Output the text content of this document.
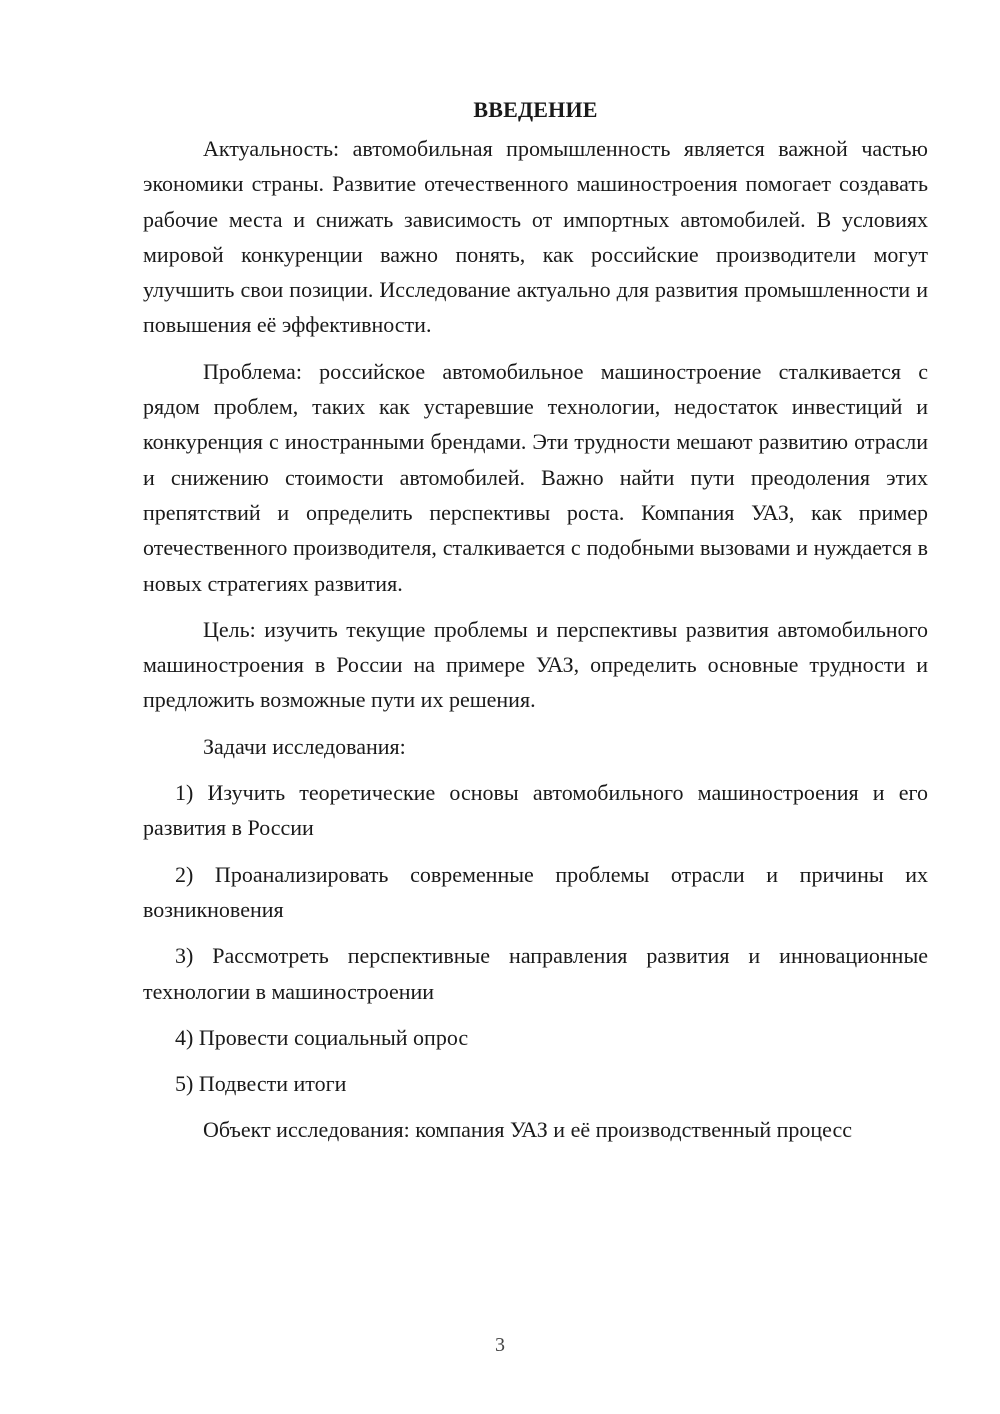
ВВЕДЕНИЕ

Актуальность: автомобильная промышленность является важной частью экономики страны. Развитие отечественного машиностроения помогает создавать рабочие места и снижать зависимость от импортных автомобилей. В условиях мировой конкуренции важно понять, как российские производители могут улучшить свои позиции. Исследование актуально для развития промышленности и повышения её эффективности.

Проблема: российское автомобильное машиностроение сталкивается с рядом проблем, таких как устаревшие технологии, недостаток инвестиций и конкуренция с иностранными брендами. Эти трудности мешают развитию отрасли и снижению стоимости автомобилей. Важно найти пути преодоления этих препятствий и определить перспективы роста. Компания УАЗ, как пример отечественного производителя, сталкивается с подобными вызовами и нуждается в новых стратегиях развития.

Цель: изучить текущие проблемы и перспективы развития автомобильного машиностроения в России на примере УАЗ, определить основные трудности и предложить возможные пути их решения.

Задачи исследования:

1) Изучить теоретические основы автомобильного машиностроения и его развития в России

2) Проанализировать современные проблемы отрасли и причины их возникновения

3) Рассмотреть перспективные направления развития и инновационные технологии в машиностроении

4) Провести социальный опрос

5) Подвести итоги

Объект исследования: компания УАЗ и её производственный процесс

3
